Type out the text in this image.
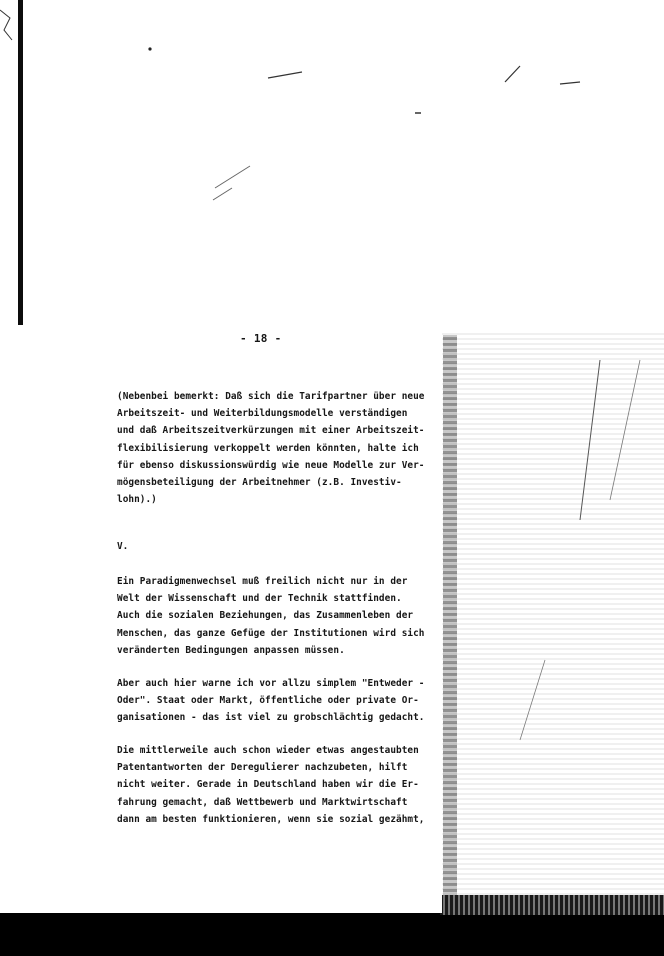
- 18 -
(Nebenbei bemerkt: Daß sich die Tarifpartner über neue
Arbeitszeit- und Weiterbildungsmodelle verständigen
und daß Arbeitszeitverkürzungen mit einer Arbeitszeit-
flexibilisierung verkoppelt werden könnten, halte ich
für ebenso diskussionswürdig wie neue Modelle zur Ver-
mögensbeteiligung der Arbeitnehmer (z.B. Investiv-
lohn).)
V.
Ein Paradigmenwechsel muß freilich nicht nur in der
Welt der Wissenschaft und der Technik stattfinden.
Auch die sozialen Beziehungen, das Zusammenleben der
Menschen, das ganze Gefüge der Institutionen wird sich
veränderten Bedingungen anpassen müssen.
Aber auch hier warne ich vor allzu simplem "Entweder -
Oder". Staat oder Markt, öffentliche oder private Or-
ganisationen - das ist viel zu grobschlächtig gedacht.
Die mittlerweile auch schon wieder etwas angestaubten
Patentantworten der Deregulierer nachzubeten, hilft
nicht weiter. Gerade in Deutschland haben wir die Er-
fahrung gemacht, daß Wettbewerb und Marktwirtschaft
dann am besten funktionieren, wenn sie sozial gezähmt,
